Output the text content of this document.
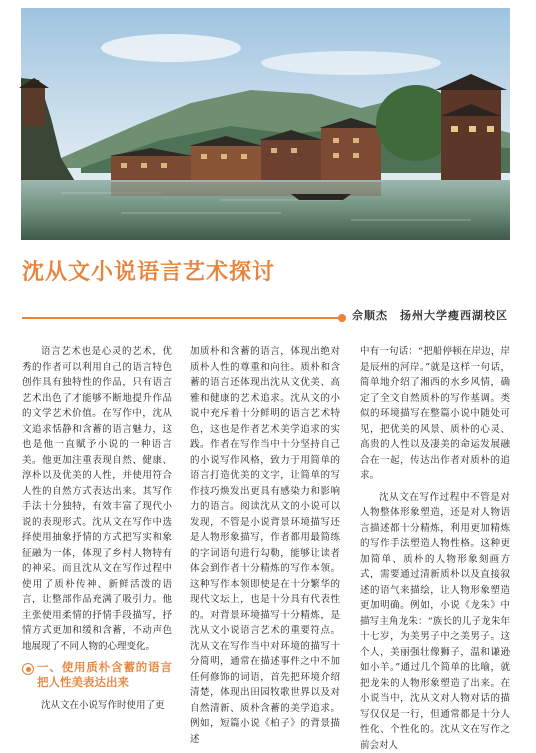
沈从文小说语言艺术探讨
佘顺杰　扬州大学瘦西湖校区

语言艺术也是心灵的艺术，优秀的作者可以利用自己的语言特色创作具有独特性的作品，只有语言艺术出色了才能够不断地提升作品的文学艺术价值。在写作中，沈从文追求恬静和含蓄的语言魅力，这也是他一直赋予小说的一种语言美。他更加注重表现自然、健康、淳朴以及优美的人性，并使用符合人性的自然方式表达出来。其写作手法十分独特，有效丰富了现代小说的表现形式。沈从文在写作中选择使用抽象抒情的方式把写实和象征融为一体，体现了乡村人物特有的神采。而且沈从文在写作过程中使用了质朴传神、新鲜活泼的语言，让整部作品充满了吸引力。他主张使用柔情的抒情手段描写，抒情方式更加和缓和含蓄，不动声色地展现了不同人物的心理变化。

一、使用质朴含蓄的语言把人性美表达出来

沈从文在小说写作时使用了更

加质朴和含蓄的语言，体现出绝对质朴人性的尊重和向往。质朴和含蓄的语言还体现出沈从文优美、高雅和健康的艺术追求。沈从文的小说中充斥着十分鲜明的语言艺术特色，这也是作者艺术美学追求的实践。作者在写作当中十分坚持自己的小说写作风格，致力于用简单的语言打造优美的文字，让简单的写作技巧焕发出更具有感染力和影响力的语言。阅读沈从文的小说可以发现，不管是小说背景环境描写还是人物形象描写，作者都用最简练的字词语句进行勾勒，能够让读者体会到作者十分精炼的写作本领。这种写作本领即使是在十分繁华的现代文坛上，也是十分具有代表性的。对背景环境描写十分精炼，是沈从文小说语言艺术的重要符点。沈从文在写作当中对环境的描写十分简明，通常在描述事件之中不加任何修饰的词语，首先把环境介绍清楚，体现出田园牧歌世界以及对自然清新、质朴含蓄的美学追求。例如，短篇小说《柏子》的背景描述

中有一句话：“把船停顿在岸边，岸是辰州的河岸。”就是这样一句话，简单地介绍了湘西的水乡风情，确定了全文自然质朴的写作基调。类似的环境描写在整篇小说中随处可见，把优美的风景、质朴的心灵、高贵的人性以及凄美的命运发展融合在一起，传达出作者对质朴的追求。

沈从文在写作过程中不管是对人物整体形象塑造，还是对人物语言描述都十分精炼，利用更加精炼的写作手法塑造人物性格。这种更加简单、质朴的人物形象刻画方式，需要通过清新质朴以及直接叙述的语气来描绘，让人物形象塑造更加明确。例如，小说《龙朱》中描写主角龙朱：“族长的儿子龙朱年十七岁，为美男子中之美男子。这个人，美丽强壮像狮子，温和谦逊如小羊。”通过几个简单的比喻，就把龙朱的人物形象塑造了出来。在小说当中，沈从文对人物对话的描写仅仅是一行，但通常都是十分人性化、个性化的。沈从文在写作之前会对人
